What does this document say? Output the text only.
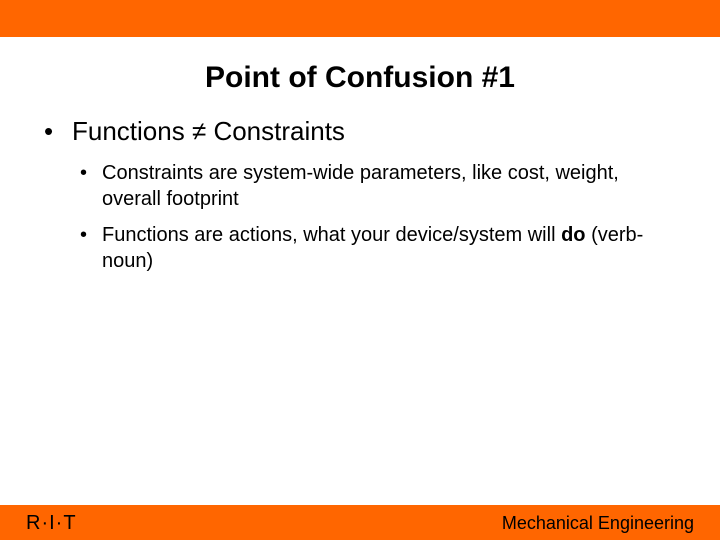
Point of Confusion #1
• Functions ≠ Constraints
• Constraints are system-wide parameters, like cost, weight, overall footprint
• Functions are actions, what your device/system will do (verb-noun)
R·I·T	Mechanical Engineering
